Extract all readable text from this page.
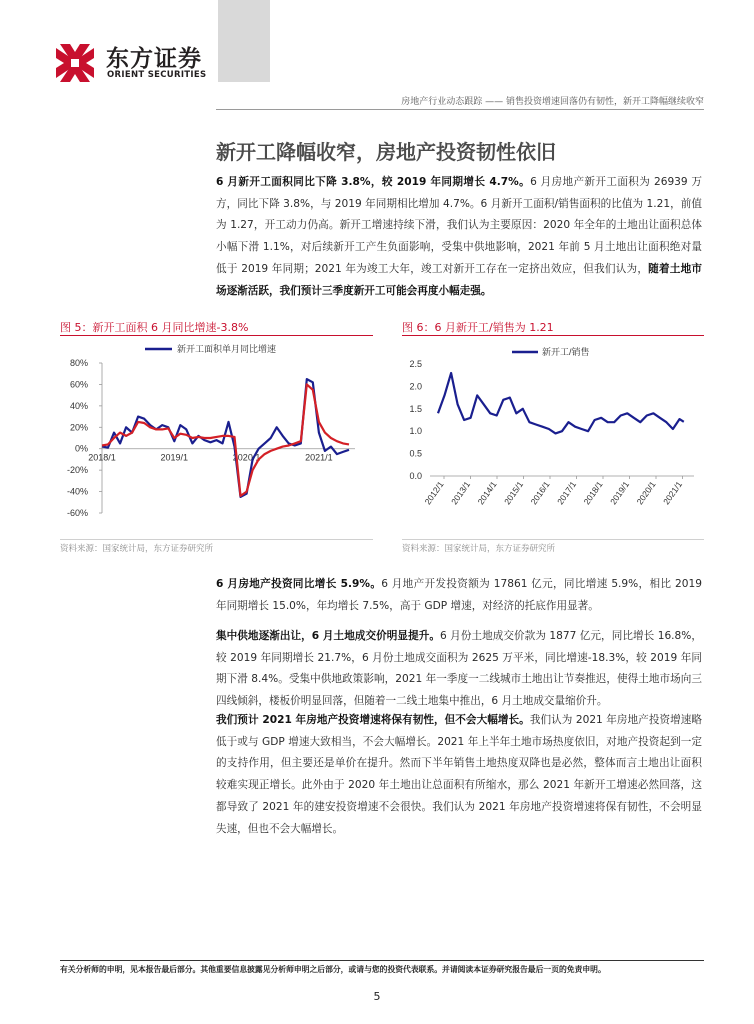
东方证券
ORIENT SECURITIES
房地产行业动态跟踪 —— 销售投资增速回落仍有韧性，新开工降幅继续收窄
新开工降幅收窄，房地产投资韧性依旧
6 月新开工面积同比下降 3.8%，较 2019 年同期增长 4.7%。6 月房地产新开工面积为 26939 万方，同比下降 3.8%，与 2019 年同期相比增加 4.7%。6 月新开工面积/销售面积的比值为 1.21，前值为 1.27，开工动力仍高。新开工增速持续下滑，我们认为主要原因：2020 年全年的土地出让面积总体小幅下滑 1.1%，对后续新开工产生负面影响，受集中供地影响，2021 年前 5 月土地出让面积绝对量低于 2019 年同期；2021 年为竣工大年，竣工对新开工存在一定挤出效应，但我们认为，随着土地市场逐渐活跃，我们预计三季度新开工可能会再度小幅走强。
图 5：新开工面积 6 月同比增速-3.8%	图 6：6 月新开工/销售为 1.21
80%
60%
40%
20%
0%
-20%
-40%
-60%
2018/1	2019/1	2020/1	2021/1
新开工面积单月同比增速
2.5
2.0
1.5
1.0
0.5
0.0
2012/1 2013/1 2014/1 2015/1 2016/1 2017/1 2018/1 2019/1 2020/1 2021/1
新开工/销售
资料来源：国家统计局，东方证券研究所	资料来源：国家统计局，东方证券研究所
6 月房地产投资同比增长 5.9%。6 月地产开发投资额为 17861 亿元，同比增速 5.9%，相比 2019 年同期增长 15.0%，年均增长 7.5%，高于 GDP 增速，对经济的托底作用显著。
集中供地逐渐出让，6 月土地成交价明显提升。6 月份土地成交价款为 1877 亿元，同比增长 16.8%，较 2019 年同期增长 21.7%，6 月份土地成交面积为 2625 万平米，同比增速-18.3%，较 2019 年同期下滑 8.4%。受集中供地政策影响，2021 年一季度一二线城市土地出让节奏推迟，使得土地市场向三四线倾斜，楼板价明显回落，但随着一二线土地集中推出，6 月土地成交量缩价升。
我们预计 2021 年房地产投资增速将保有韧性，但不会大幅增长。我们认为 2021 年房地产投资增速略低于或与 GDP 增速大致相当，不会大幅增长。2021 年上半年土地市场热度依旧，对地产投资起到一定的支持作用，但主要还是单价在提升。然而下半年销售土地热度双降也是必然，整体而言土地出让面积较难实现正增长。此外由于 2020 年土地出让总面积有所缩水，那么 2021 年新开工增速必然回落，这都导致了 2021 年的建安投资增速不会很快。我们认为 2021 年房地产投资增速将保有韧性，不会明显失速，但也不会大幅增长。
有关分析师的申明，见本报告最后部分。其他重要信息披露见分析师申明之后部分，或请与您的投资代表联系。并请阅读本证券研究报告最后一页的免责申明。
5
